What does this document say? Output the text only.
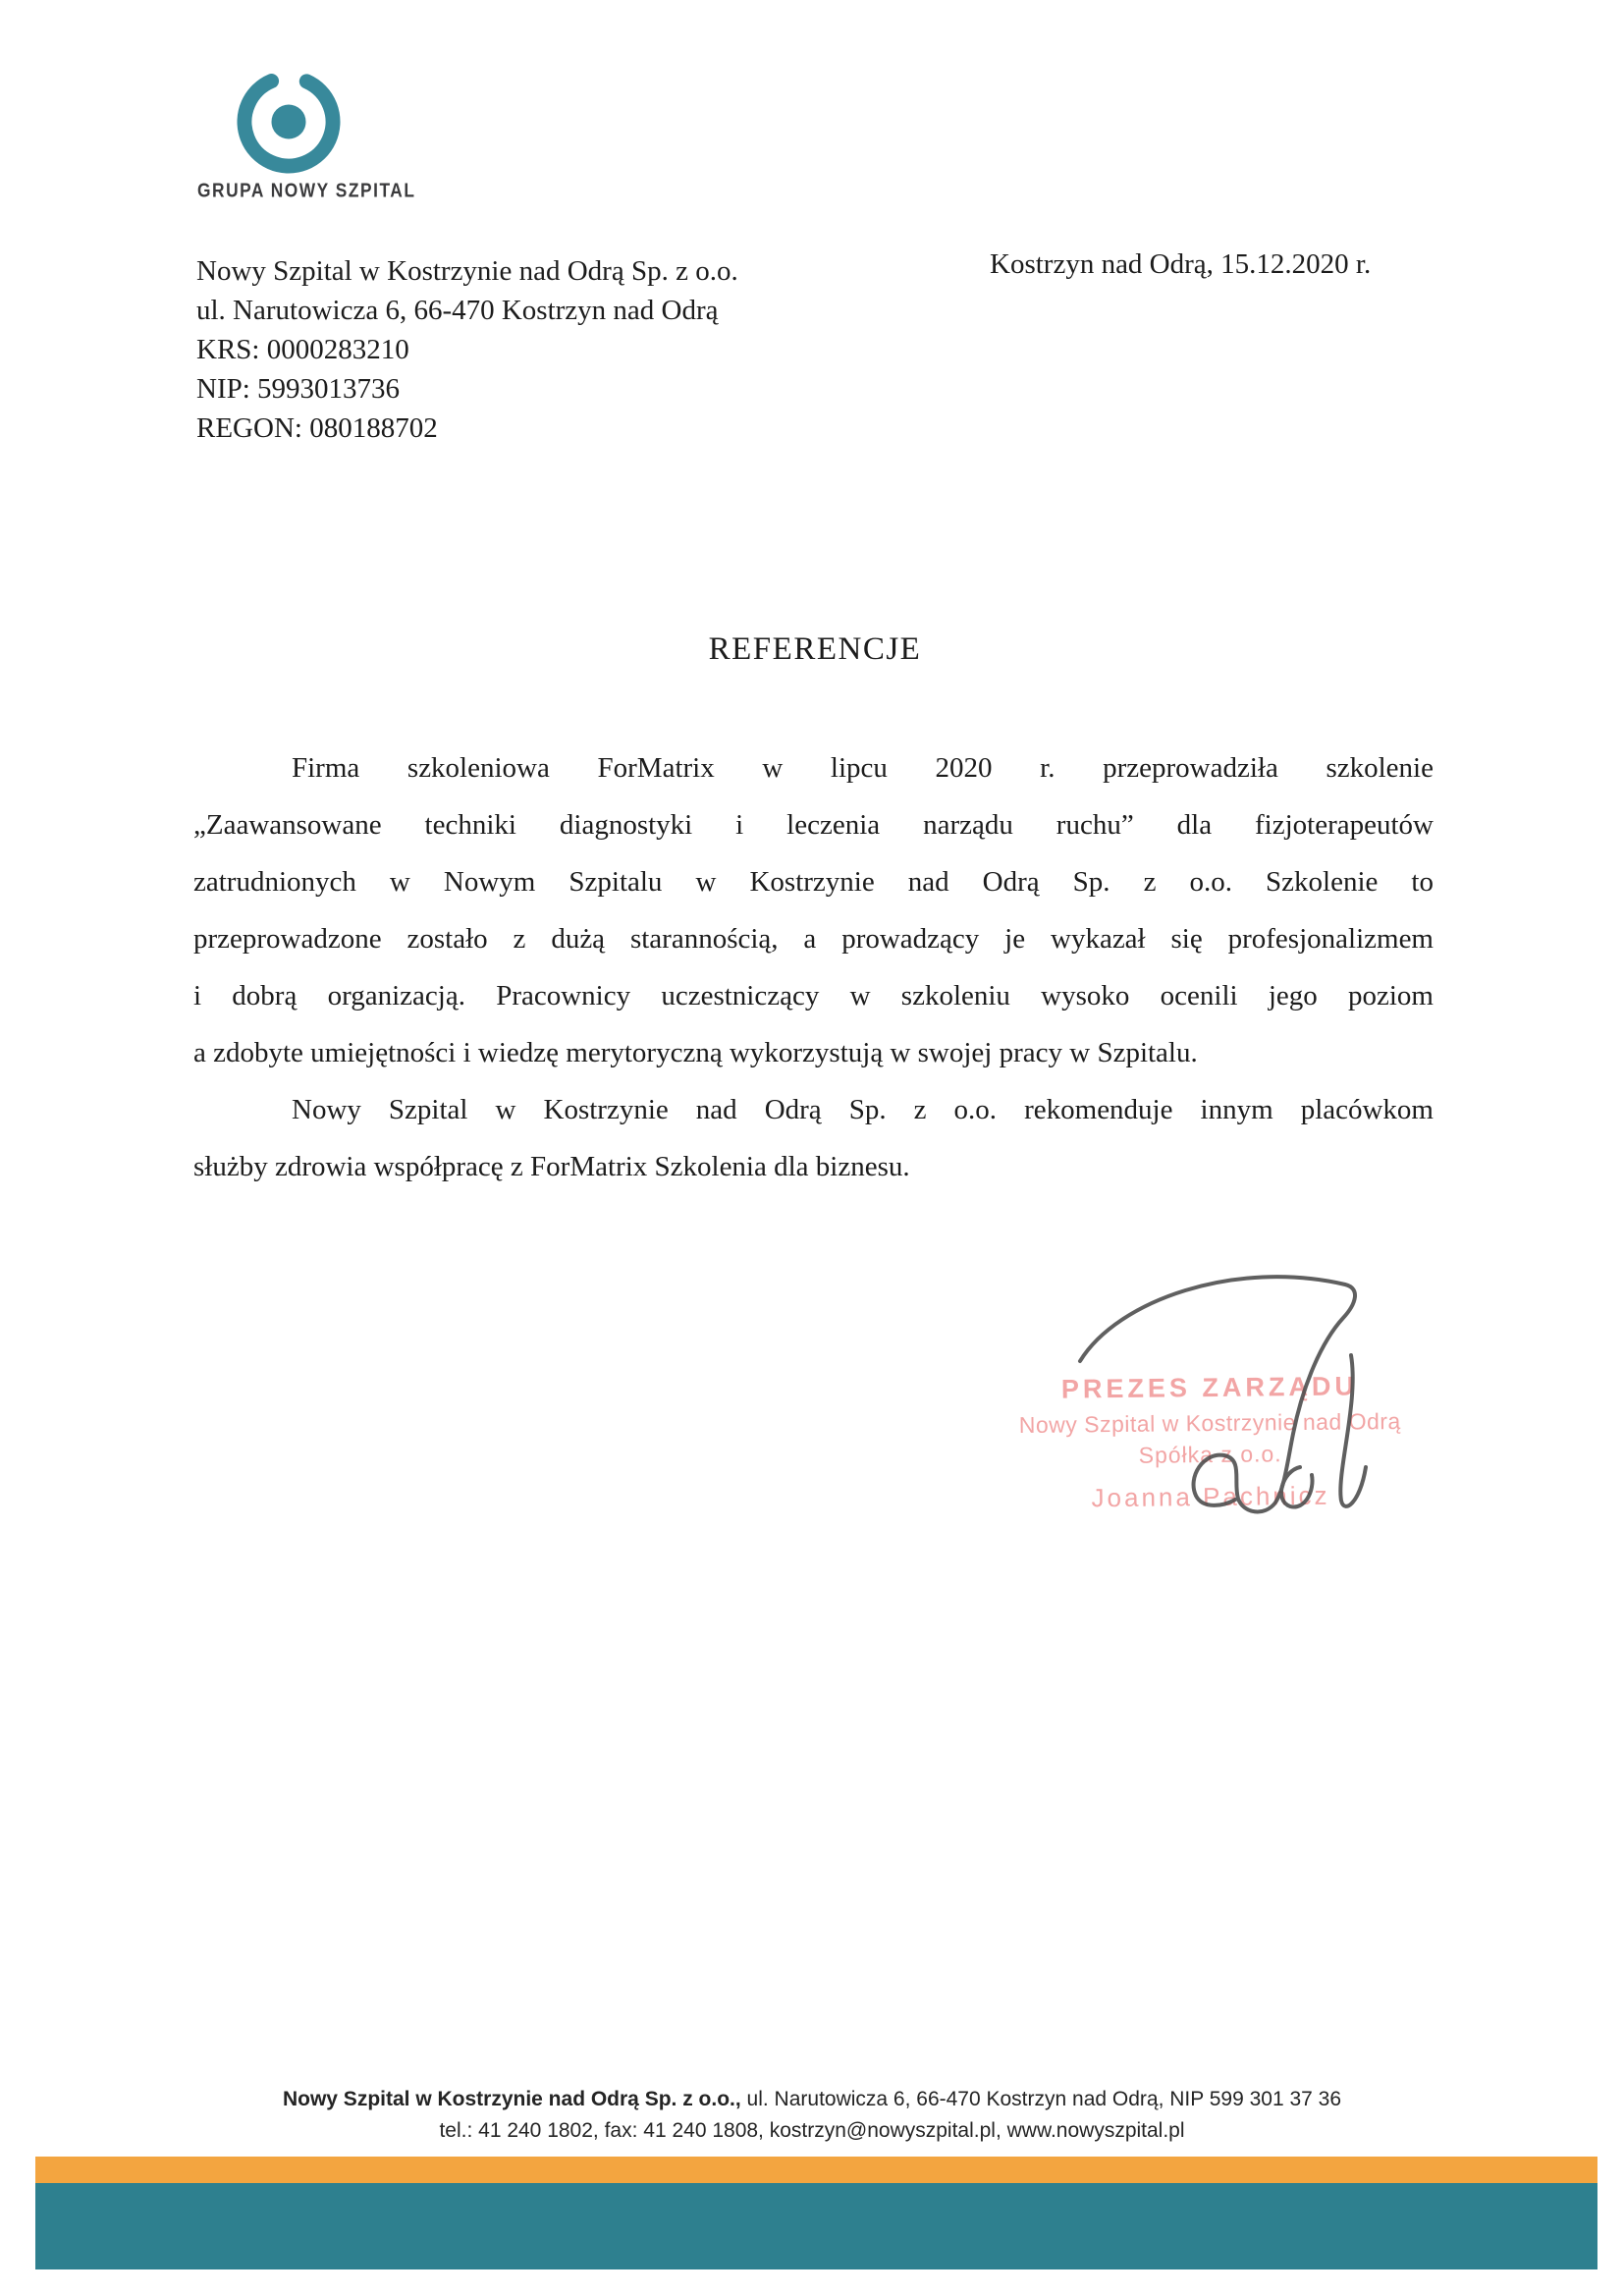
GRUPA NOWY SZPITAL
Nowy Szpital w Kostrzynie nad Odrą Sp. z o.o.
ul. Narutowicza 6, 66-470 Kostrzyn nad Odrą
KRS: 0000283210
NIP: 5993013736
REGON: 080188702
Kostrzyn nad Odrą, 15.12.2020 r.
REFERENCJE
Firma szkoleniowa ForMatrix w lipcu 2020 r. przeprowadziła szkolenie
„Zaawansowane techniki diagnostyki i leczenia narządu ruchu” dla fizjoterapeutów
zatrudnionych w Nowym Szpitalu w Kostrzynie nad Odrą Sp. z o.o. Szkolenie to
przeprowadzone zostało z dużą starannością, a prowadzący je wykazał się profesjonalizmem
i dobrą organizacją. Pracownicy uczestniczący w szkoleniu wysoko ocenili jego poziom
a zdobyte umiejętności i wiedzę merytoryczną wykorzystują w swojej pracy w Szpitalu.
Nowy Szpital w Kostrzynie nad Odrą Sp. z o.o. rekomenduje innym placówkom
służby zdrowia współpracę z ForMatrix Szkolenia dla biznesu.
PREZES ZARZĄDU
Nowy Szpital w Kostrzynie nad Odrą
Spółka z o.o.
Joanna Pachnicz
Nowy Szpital w Kostrzynie nad Odrą Sp. z o.o., ul. Narutowicza 6, 66-470 Kostrzyn nad Odrą, NIP 599 301 37 36
tel.: 41 240 1802, fax: 41 240 1808, kostrzyn@nowyszpital.pl, www.nowyszpital.pl
